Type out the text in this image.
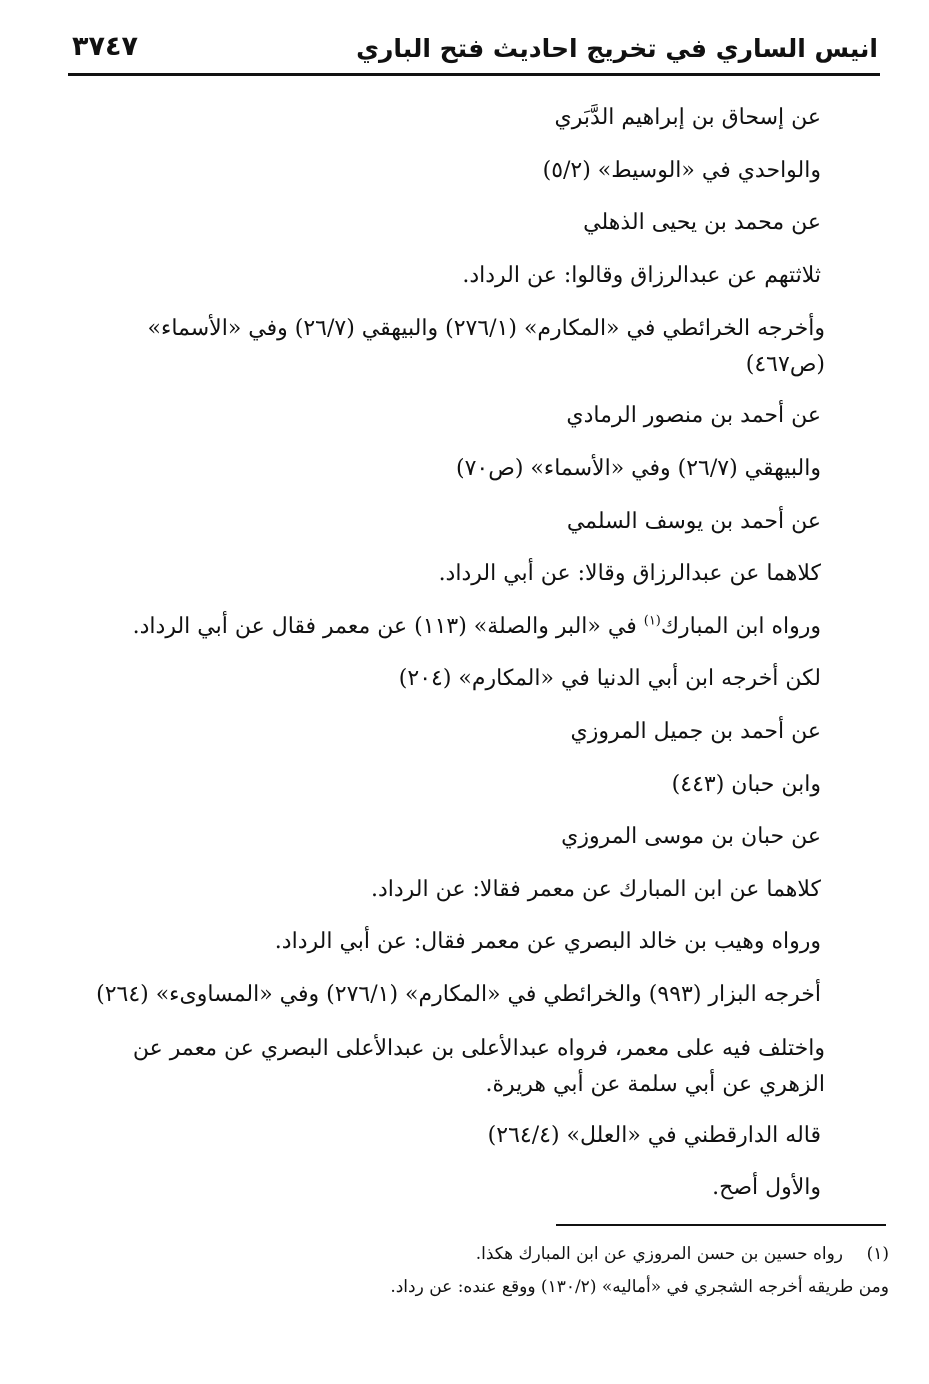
انيس الساري في تخريج احاديث فتح الباري
٣٧٤٧

عن إسحاق بن إبراهيم الدَّبَري

والواحدي في «الوسيط» (٥/٢)

عن محمد بن يحيى الذهلي

ثلاثتهم عن عبدالرزاق وقالوا: عن الرداد.

وأخرجه الخرائطي في «المكارم» (٢٧٦/١) والبيهقي (٢٦/٧) وفي «الأسماء»
(ص٤٦٧)

عن أحمد بن منصور الرمادي

والبيهقي (٢٦/٧) وفي «الأسماء» (ص٧٠)

عن أحمد بن يوسف السلمي

كلاهما عن عبدالرزاق وقالا: عن أبي الرداد.

ورواه ابن المبارك$^{(١)}$ في «البر والصلة» (١١٣) عن معمر فقال عن أبي الرداد.

لكن أخرجه ابن أبي الدنيا في «المكارم» (٢٠٤)

عن أحمد بن جميل المروزي

وابن حبان (٤٤٣)

عن حبان بن موسى المروزي

كلاهما عن ابن المبارك عن معمر فقالا: عن الرداد.

ورواه وهيب بن خالد البصري عن معمر فقال: عن أبي الرداد.

أخرجه البزار (٩٩٣) والخرائطي في «المكارم» (٢٧٦/١) وفي «المساوىء» (٢٦٤)

واختلف فيه على معمر، فرواه عبدالأعلى بن عبدالأعلى البصري عن معمر عن
الزهري عن أبي سلمة عن أبي هريرة.

قاله الدارقطني في «العلل» (٢٦٤/٤)

والأول أصح.

(١)رواه حسين بن حسن المروزي عن ابن المبارك هكذا.
ومن طريقه أخرجه الشجري في «أماليه» (١٣٠/٢) ووقع عنده: عن رداد.
